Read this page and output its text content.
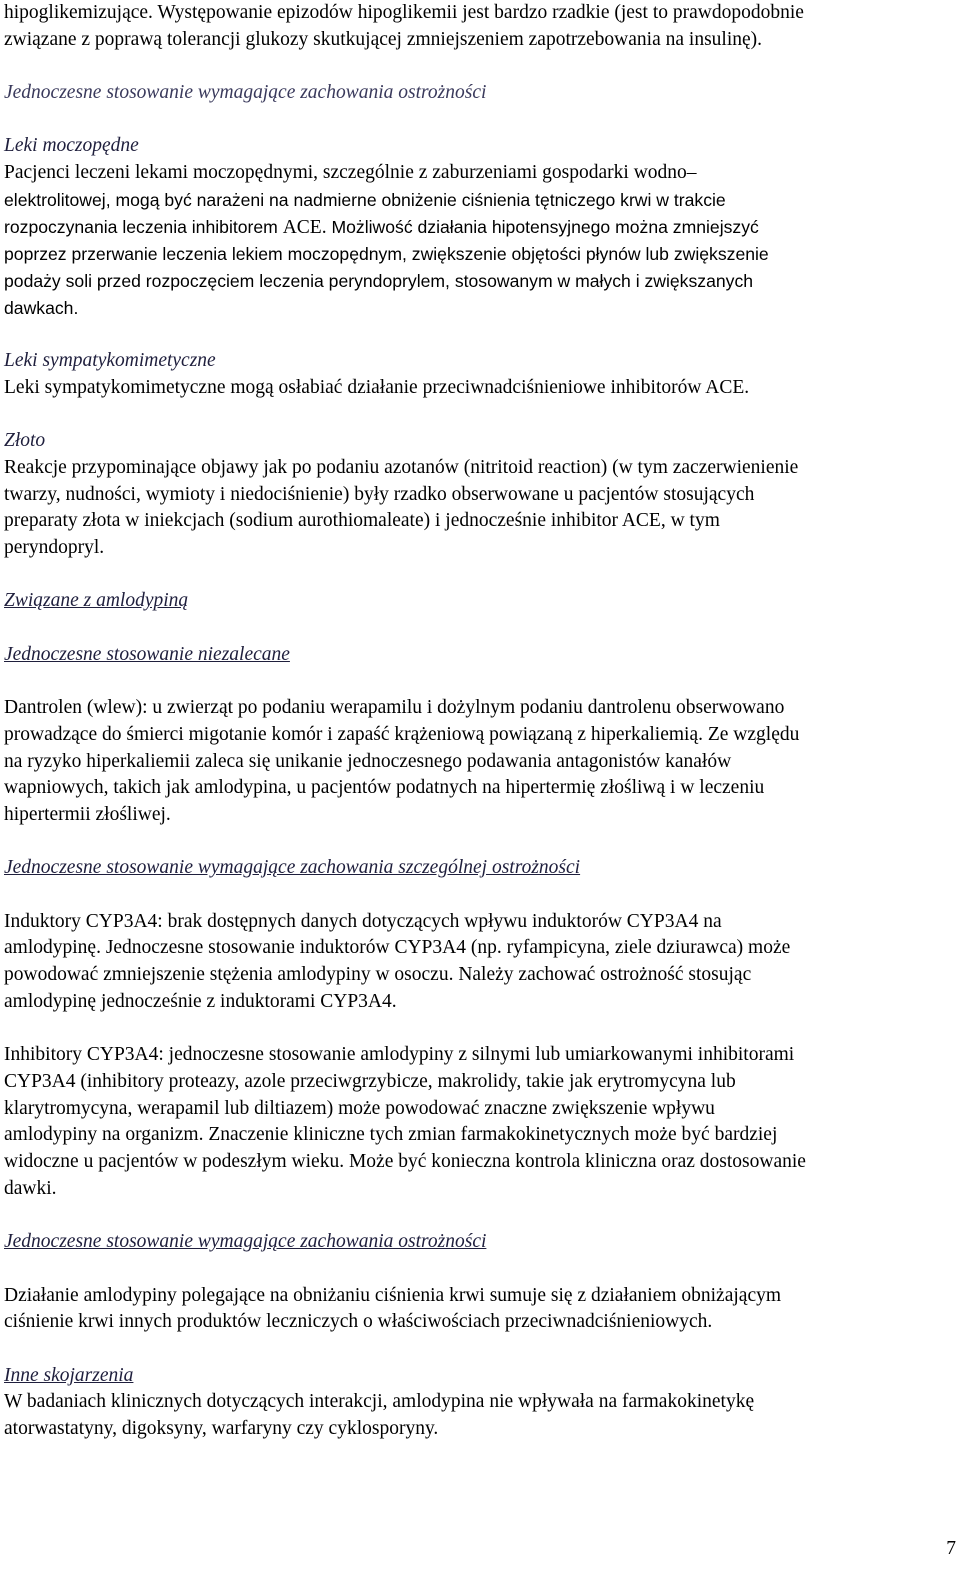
hipoglikemizujące. Występowanie epizodów hipoglikemii jest bardzo rzadkie (jest to prawdopodobnie
związane z poprawą tolerancji glukozy skutkującej zmniejszeniem zapotrzebowania na insulinę).
Jednoczesne stosowanie wymagające zachowania ostrożności
Leki moczopędne
Pacjenci leczeni lekami moczopędnymi, szczególnie z zaburzeniami gospodarki wodno–
elektrolitowej, mogą być narażeni na nadmierne obniżenie ciśnienia tętniczego krwi w trakcie
rozpoczynania leczenia inhibitorem ACE. Możliwość działania hipotensyjnego można zmniejszyć
poprzez przerwanie leczenia lekiem moczopędnym, zwiększenie objętości płynów lub zwiększenie
podaży soli przed rozpoczęciem leczenia peryndoprylem, stosowanym w małych i zwiększanych
dawkach.
Leki sympatykomimetyczne
Leki sympatykomimetyczne mogą osłabiać działanie przeciwnadciśnieniowe inhibitorów ACE.
Złoto
Reakcje przypominające objawy jak po podaniu azotanów (nitritoid reaction) (w tym zaczerwienienie
twarzy, nudności, wymioty i niedociśnienie) były rzadko obserwowane u pacjentów stosujących
preparaty złota w iniekcjach (sodium aurothiomaleate) i jednocześnie inhibitor ACE, w tym
peryndopryl.
Związane z amlodypiną
Jednoczesne stosowanie niezalecane
Dantrolen (wlew): u zwierząt po podaniu werapamilu i dożylnym podaniu dantrolenu obserwowano
prowadzące do śmierci migotanie komór i zapaść krążeniową powiązaną z hiperkaliemią. Ze względu
na ryzyko hiperkaliemii zaleca się unikanie jednoczesnego podawania antagonistów kanałów
wapniowych, takich jak amlodypina, u pacjentów podatnych na hipertermię złośliwą i w leczeniu
hipertermii złośliwej.
Jednoczesne stosowanie wymagające zachowania szczególnej ostrożności
Induktory CYP3A4: brak dostępnych danych dotyczących wpływu induktorów CYP3A4 na
amlodypinę. Jednoczesne stosowanie induktorów CYP3A4 (np. ryfampicyna, ziele dziurawca) może
powodować zmniejszenie stężenia amlodypiny w osoczu. Należy zachować ostrożność stosując
amlodypinę jednocześnie z induktorami CYP3A4.
Inhibitory CYP3A4: jednoczesne stosowanie amlodypiny z silnymi lub umiarkowanymi inhibitorami
CYP3A4 (inhibitory proteazy, azole przeciwgrzybicze, makrolidy, takie jak erytromycyna lub
klarytromycyna, werapamil lub diltiazem) może powodować znaczne zwiększenie wpływu
amlodypiny na organizm. Znaczenie kliniczne tych zmian farmakokinetycznych może być bardziej
widoczne u pacjentów w podeszłym wieku. Może być konieczna kontrola kliniczna oraz dostosowanie
dawki.
Jednoczesne stosowanie wymagające zachowania ostrożności
Działanie amlodypiny polegające na obniżaniu ciśnienia krwi sumuje się z działaniem obniżającym
ciśnienie krwi innych produktów leczniczych o właściwościach przeciwnadciśnieniowych.
Inne skojarzenia
W badaniach klinicznych dotyczących interakcji, amlodypina nie wpływała na farmakokinetykę
atorwastatyny, digoksyny, warfaryny czy cyklosporyny.
7
